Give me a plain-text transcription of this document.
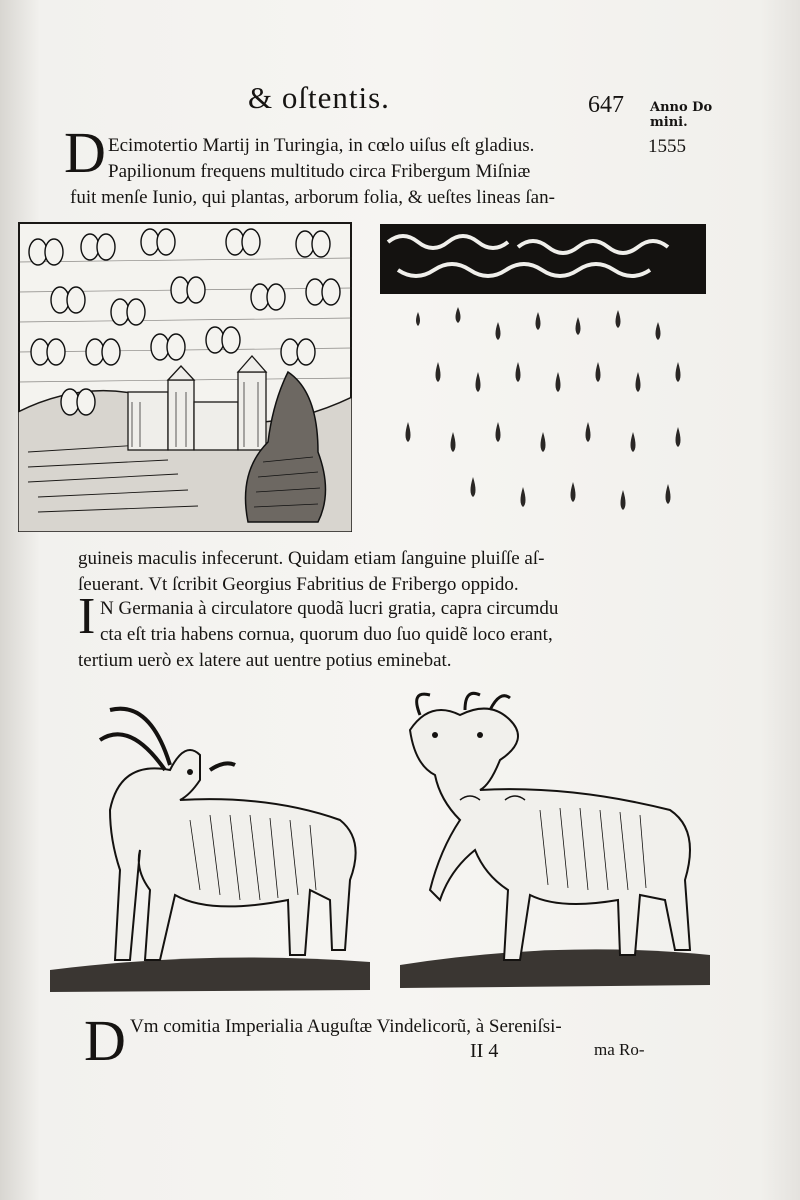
& oſtentis.	647 Anno Do mini.
1555
D Ecimotertio Martij in Turingia, in cœlo uiſus eſt gladius.
Papilionum frequens multitudo circa Fribergum Miſniæ
fuit menſe Iunio, qui plantas, arborum folia, & ueſtes lineas ſan-
guineis maculis infecerunt. Quidam etiam ſanguine pluiſſe aſ-
ſeuerant. Vt ſcribit Georgius Fabritius de Fribergo oppido.
I N Germania à circulatore quodã lucri gratia, capra circumdu
cta eſt tria habens cornua, quorum duo ſuo quidẽ loco erant,
tertium uerò ex latere aut uentre potius eminebat.
D Vm comitia Imperialia Auguſtæ Vindelicorũ, à Sereniſsi-
II 4	ma Ro-
